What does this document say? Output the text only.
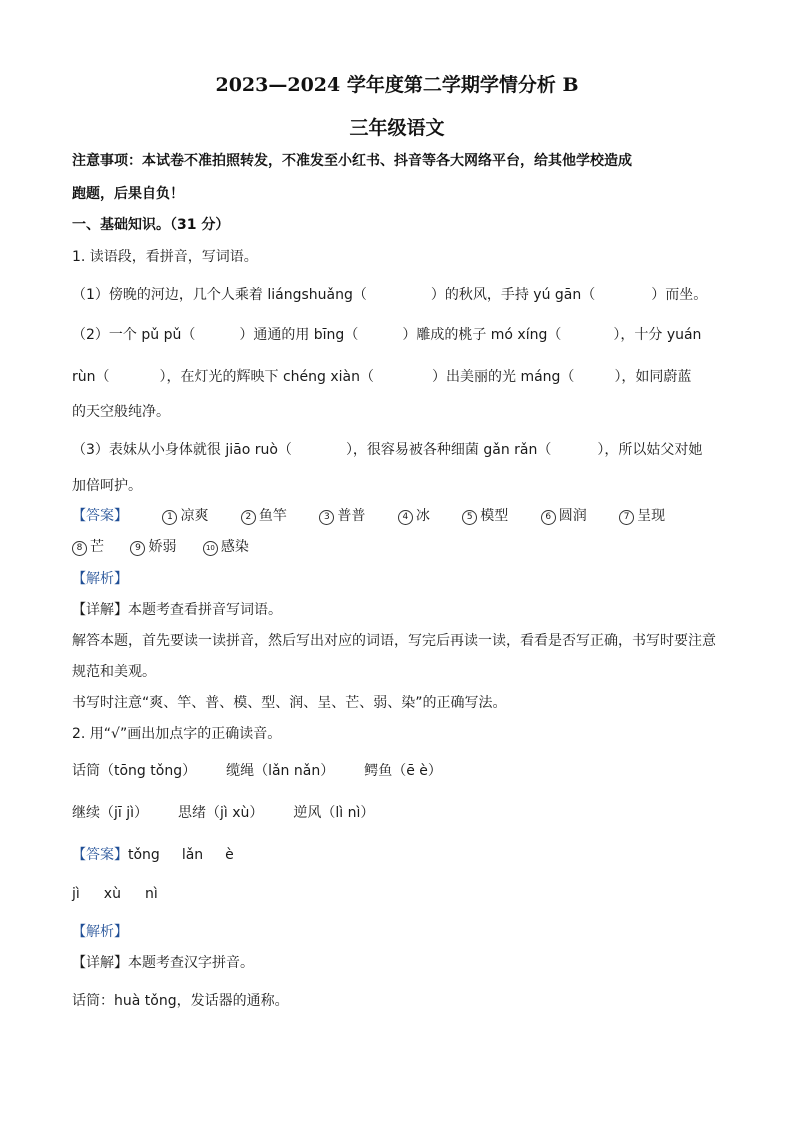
2023—2024 学年度第二学期学情分析 B
三年级语文
注意事项：本试卷不准拍照转发，不准发至小红书、抖音等各大网络平台，给其他学校造成
跑题，后果自负！
一、基础知识。（31 分）
1. 读语段，看拼音，写词语。
（1）傍晚的河边，几个人乘着 liángshuǎng（	）的秋风，手持 yú gān（	）而坐。
（2）一个 pǔ pǔ（	）通通的用 bīng（	）雕成的桃子 mó xíng（	），十分 yuán
rùn（	），在灯光的辉映下 chéng xiàn（	）出美丽的光 máng（	），如同蔚蓝
的天空般纯净。
（3）表妹从小身体就很 jiāo ruò（	），很容易被各种细菌 gǎn rǎn（	），所以姑父对她
加倍呵护。
【答案】	1 凉爽	2 鱼竿	3 普普	4 冰	5 模型	6 圆润	7 呈现
8 芒	9 娇弱	10 感染
【解析】
【详解】本题考查看拼音写词语。
解答本题，首先要读一读拼音，然后写出对应的词语，写完后再读一读，看看是否写正确，书写时要注意
规范和美观。
书写时注意“爽、竿、普、模、型、润、呈、芒、弱、染”的正确写法。
2. 用“√”画出加点字的正确读音。
话筒（tōng tǒng） 缆绳（lǎn nǎn） 鳄鱼（ē è）
继续（jī jì） 思绪（jì xù） 逆风（lì nì）
【答案】tǒng lǎn è
jì xù nì
【解析】
【详解】本题考查汉字拼音。
话筒：huà tǒng，发话器的通称。
